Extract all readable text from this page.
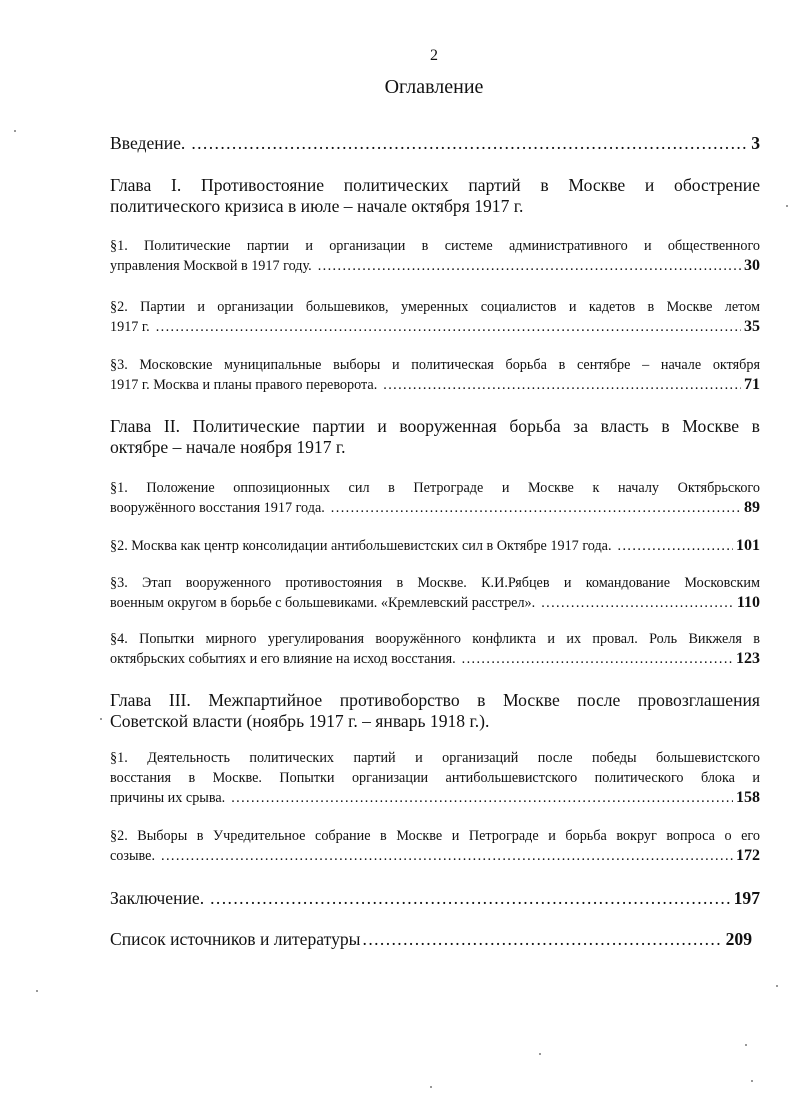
2
Оглавление
Введение. .....	3
Глава I. Противостояние политических партий в Москве и обострение
политического кризиса в июле – начале октября 1917 г.
§1. Политические партии и организации в системе административного и общественного
управления Москвой в 1917 году. .....	30
§2. Партии и организации большевиков, умеренных социалистов и кадетов в Москве летом
1917 г. .....	35
§3. Московские муниципальные выборы и политическая борьба в сентябре – начале октября
1917 г. Москва и планы правого переворота. .....	71
Глава II. Политические партии и вооруженная борьба за власть в Москве в
октябре – начале ноября 1917 г.
§1. Положение оппозиционных сил в Петрограде и Москве к началу Октябрьского
вооружённого восстания 1917 года. .....	89
§2. Москва как центр консолидации антибольшевистских сил в Октябре 1917 года. .....	101
§3. Этап вооруженного противостояния в Москве. К.И.Рябцев и командование Московским
военным округом в борьбе с большевиками. «Кремлевский расстрел». .....	110
§4. Попытки мирного урегулирования вооружённого конфликта и их провал. Роль Викжеля в
октябрьских событиях и его влияние на исход восстания. .....	123
Глава III. Межпартийное противоборство в Москве после провозглашения
Советской власти (ноябрь 1917 г. – январь 1918 г.).
§1. Деятельность политических партий и организаций после победы большевистского
восстания в Москве. Попытки организации антибольшевистского политического блока и
причины их срыва. .....	158
§2. Выборы в Учредительное собрание в Москве и Петрограде и борьба вокруг вопроса о его
созыве. .....	172
Заключение. .....	197
Список источников и литературы .....	209
